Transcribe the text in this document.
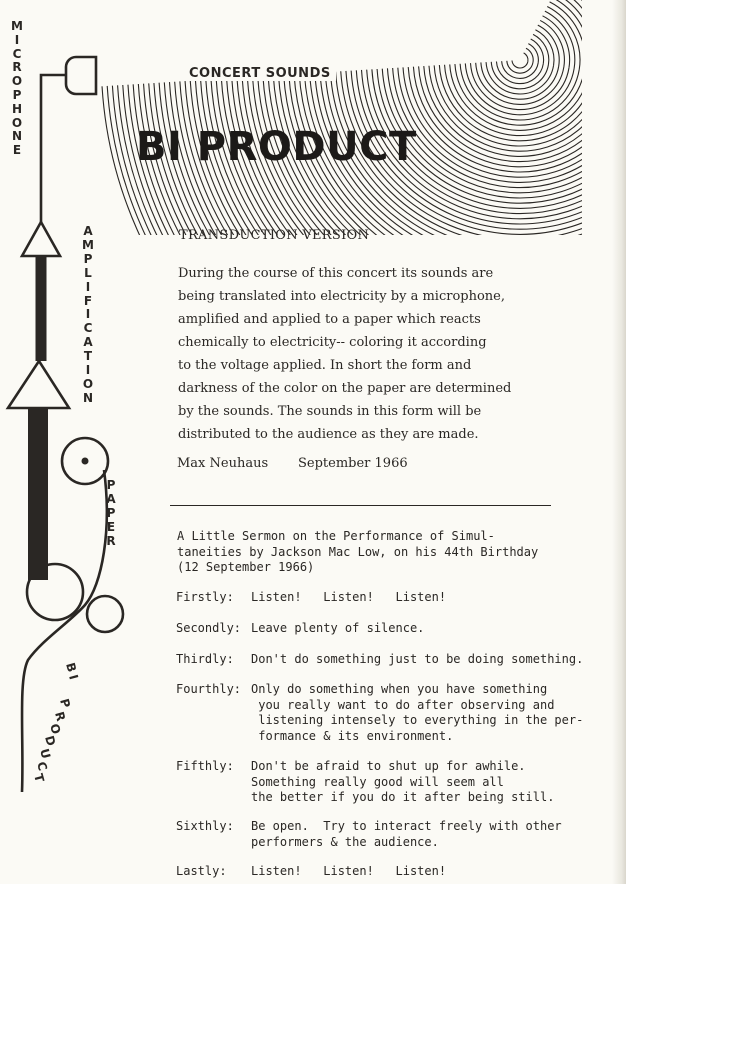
M
I
C
R
O
P
H
O
N
E
A
M
P
L
I
F
I
C
A
T
I
O
N
P
A
P
E
R
B
I
P
R
O
D
U
C
T
CONCERT SOUNDS
BI PRODUCT
TRANSDUCTION VERSION

During the course of this concert its sounds are

being translated into electricity by a microphone,

amplified and applied to a paper which reacts

chemically to electricity-- coloring it according

to the voltage applied. In short the form and

darkness of the color on the paper are determined

by the sounds. The sounds in this form will be

distributed to the audience as they are made.

Max Neuhaus September 1966

A Little Sermon on the Performance of Simul-

taneities by Jackson Mac Low, on his 44th Birthday

(12 September 1966)

Firstly: Listen!   Listen!   Listen!

Secondly: Leave plenty of silence.

Thirdly: Don't do something just to be doing something.

Fourthly: Only do something when you have something

you really want to do after observing and

listening intensely to everything in the per-

formance & its environment.

Fifthly: Don't be afraid to shut up for awhile.

Something really good will seem all

the better if you do it after being still.

Sixthly: Be open.  Try to interact freely with other

performers & the audience.

Lastly: Listen!   Listen!   Listen!
